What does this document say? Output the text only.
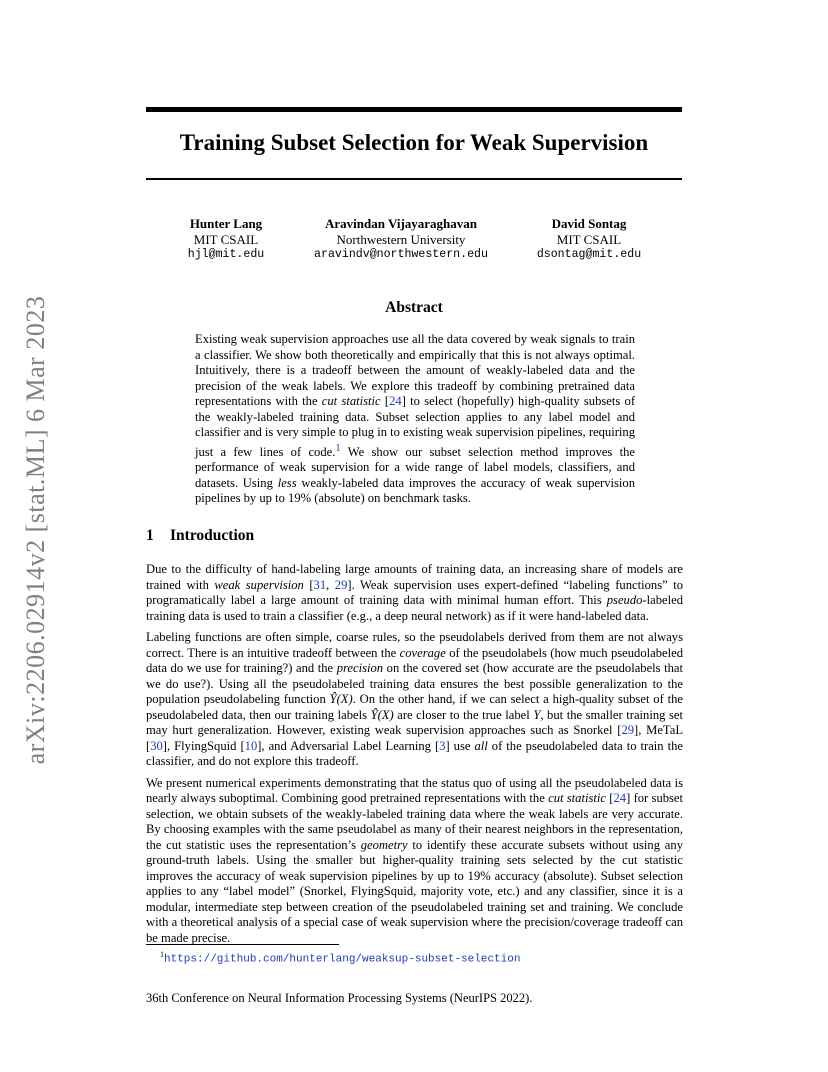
arXiv:2206.02914v2 [stat.ML] 6 Mar 2023
Training Subset Selection for Weak Supervision
Hunter Lang
MIT CSAIL
hjl@mit.edu
Aravindan Vijayaraghavan
Northwestern University
aravindv@northwestern.edu
David Sontag
MIT CSAIL
dsontag@mit.edu
Abstract

Existing weak supervision approaches use all the data covered by weak signals to train a classifier. We show both theoretically and empirically that this is not always optimal. Intuitively, there is a tradeoff between the amount of weakly-labeled data and the precision of the weak labels. We explore this tradeoff by combining pretrained data representations with the cut statistic [24] to select (hopefully) high-quality subsets of the weakly-labeled training data. Subset selection applies to any label model and classifier and is very simple to plug in to existing weak supervision pipelines, requiring just a few lines of code.$^1$ We show our subset selection method improves the performance of weak supervision for a wide range of label models, classifiers, and datasets. Using less weakly-labeled data improves the accuracy of weak supervision pipelines by up to 19% (absolute) on benchmark tasks.

1 Introduction

Due to the difficulty of hand-labeling large amounts of training data, an increasing share of models are trained with weak supervision [31, 29]. Weak supervision uses expert-defined “labeling functions” to programatically label a large amount of training data with minimal human effort. This pseudo-labeled training data is used to train a classifier (e.g., a deep neural network) as if it were hand-labeled data.

Labeling functions are often simple, coarse rules, so the pseudolabels derived from them are not always correct. There is an intuitive tradeoff between the coverage of the pseudolabels (how much pseudolabeled data do we use for training?) and the precision on the covered set (how accurate are the pseudolabels that we do use?). Using all the pseudolabeled training data ensures the best possible generalization to the population pseudolabeling function Ŷ(X). On the other hand, if we can select a high-quality subset of the pseudolabeled data, then our training labels Ŷ(X) are closer to the true label Y, but the smaller training set may hurt generalization. However, existing weak supervision approaches such as Snorkel [29], MeTaL [30], FlyingSquid [10], and Adversarial Label Learning [3] use all of the pseudolabeled data to train the classifier, and do not explore this tradeoff.

We present numerical experiments demonstrating that the status quo of using all the pseudolabeled data is nearly always suboptimal. Combining good pretrained representations with the cut statistic [24] for subset selection, we obtain subsets of the weakly-labeled training data where the weak labels are very accurate. By choosing examples with the same pseudolabel as many of their nearest neighbors in the representation, the cut statistic uses the representation’s geometry to identify these accurate subsets without using any ground-truth labels. Using the smaller but higher-quality training sets selected by the cut statistic improves the accuracy of weak supervision pipelines by up to 19% accuracy (absolute). Subset selection applies to any “label model” (Snorkel, FlyingSquid, majority vote, etc.) and any classifier, since it is a modular, intermediate step between creation of the pseudolabeled training set and training. We conclude with a theoretical analysis of a special case of weak supervision where the precision/coverage tradeoff can be made precise.

$^1$https://github.com/hunterlang/weaksup-subset-selection

36th Conference on Neural Information Processing Systems (NeurIPS 2022).
